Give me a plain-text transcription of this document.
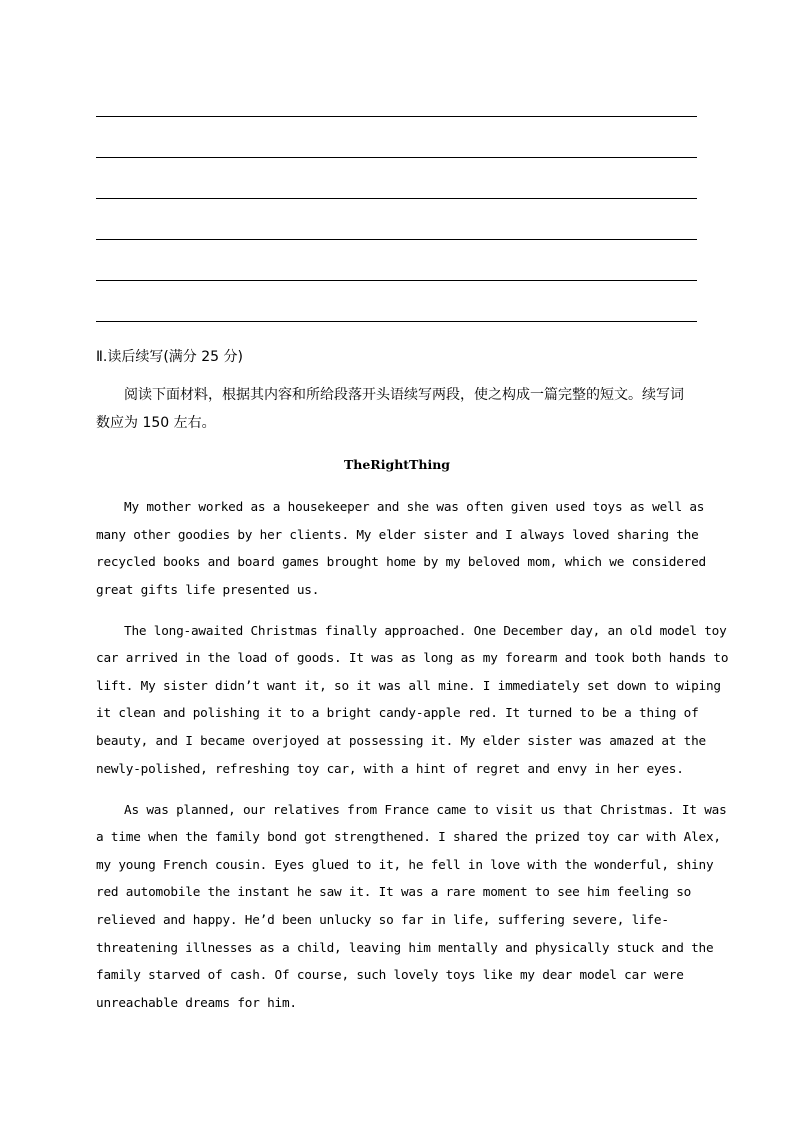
Ⅱ.读后续写(满分 25 分)
阅读下面材料，根据其内容和所给段落开头语续写两段，使之构成一篇完整的短文。续写词
数应为 150 左右。
TheRightThing
My mother worked as a housekeeper and she was often given used toys as well as
many other goodies by her clients. My elder sister and I always loved sharing the
recycled books and board games brought home by my beloved mom, which we considered
great gifts life presented us.
The long-awaited Christmas finally approached. One December day, an old model toy
car arrived in the load of goods. It was as long as my forearm and took both hands to
lift. My sister didn’t want it, so it was all mine. I immediately set down to wiping
it clean and polishing it to a bright candy-apple red. It turned to be a thing of
beauty, and I became overjoyed at possessing it. My elder sister was amazed at the
newly-polished, refreshing toy car, with a hint of regret and envy in her eyes.
As was planned, our relatives from France came to visit us that Christmas. It was
a time when the family bond got strengthened. I shared the prized toy car with Alex,
my young French cousin. Eyes glued to it, he fell in love with the wonderful, shiny
red automobile the instant he saw it. It was a rare moment to see him feeling so
relieved and happy. He’d been unlucky so far in life, suffering severe, life-
threatening illnesses as a child, leaving him mentally and physically stuck and the
family starved of cash. Of course, such lovely toys like my dear model car were
unreachable dreams for him.
